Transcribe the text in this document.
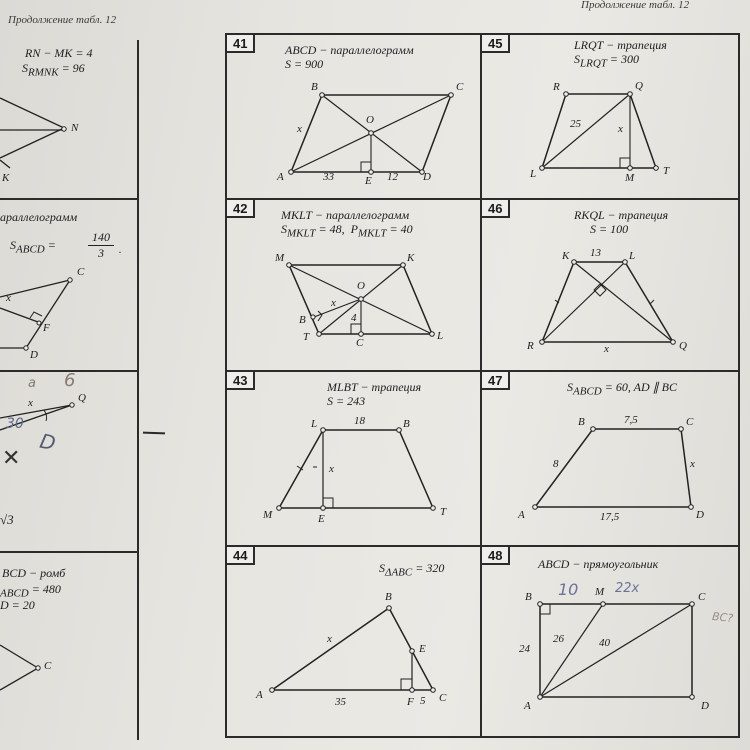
Продолжение табл. 12
Продолжение табл. 12
RN − MK = 4
$S_{RMNK} = 96$
N
K
араллелограмм
$S_{ABCD}$ =
140
3
C
x
F
D
x	Q
30
a 6
D
✕
√3
BCD − ромб
$_{ABCD}$ = 480
D = 20
C
·
41	ABCD − параллелограмм
S = 900
B	C
A	D
O
E
x
33	12
45	LRQT − трапеция
$S_{LRQT} = 300$
R	Q
L	T
M
25	x
42	MKLT − параллелограмм
$S_{MKLT} = 48$, $P_{MKLT} = 40$
M	K
O
B
T	C
L
x
4
46	RKQL − трапеция
S = 100
K	L
13
R	Q
x
43	MLBT − трапеция
S = 243
L	B
18
x
M	E
T
47	$S_{ABCD} = 60$, AD ∥ BC
B	C
7,5
8	x
A	D
17,5
44
$S_{\Delta ABC} = 320$
B
x
E
A
35	F 5 C
48
ABCD − прямоугольник
B	M	C
24
26	40
A	D
10	22x
BC?
